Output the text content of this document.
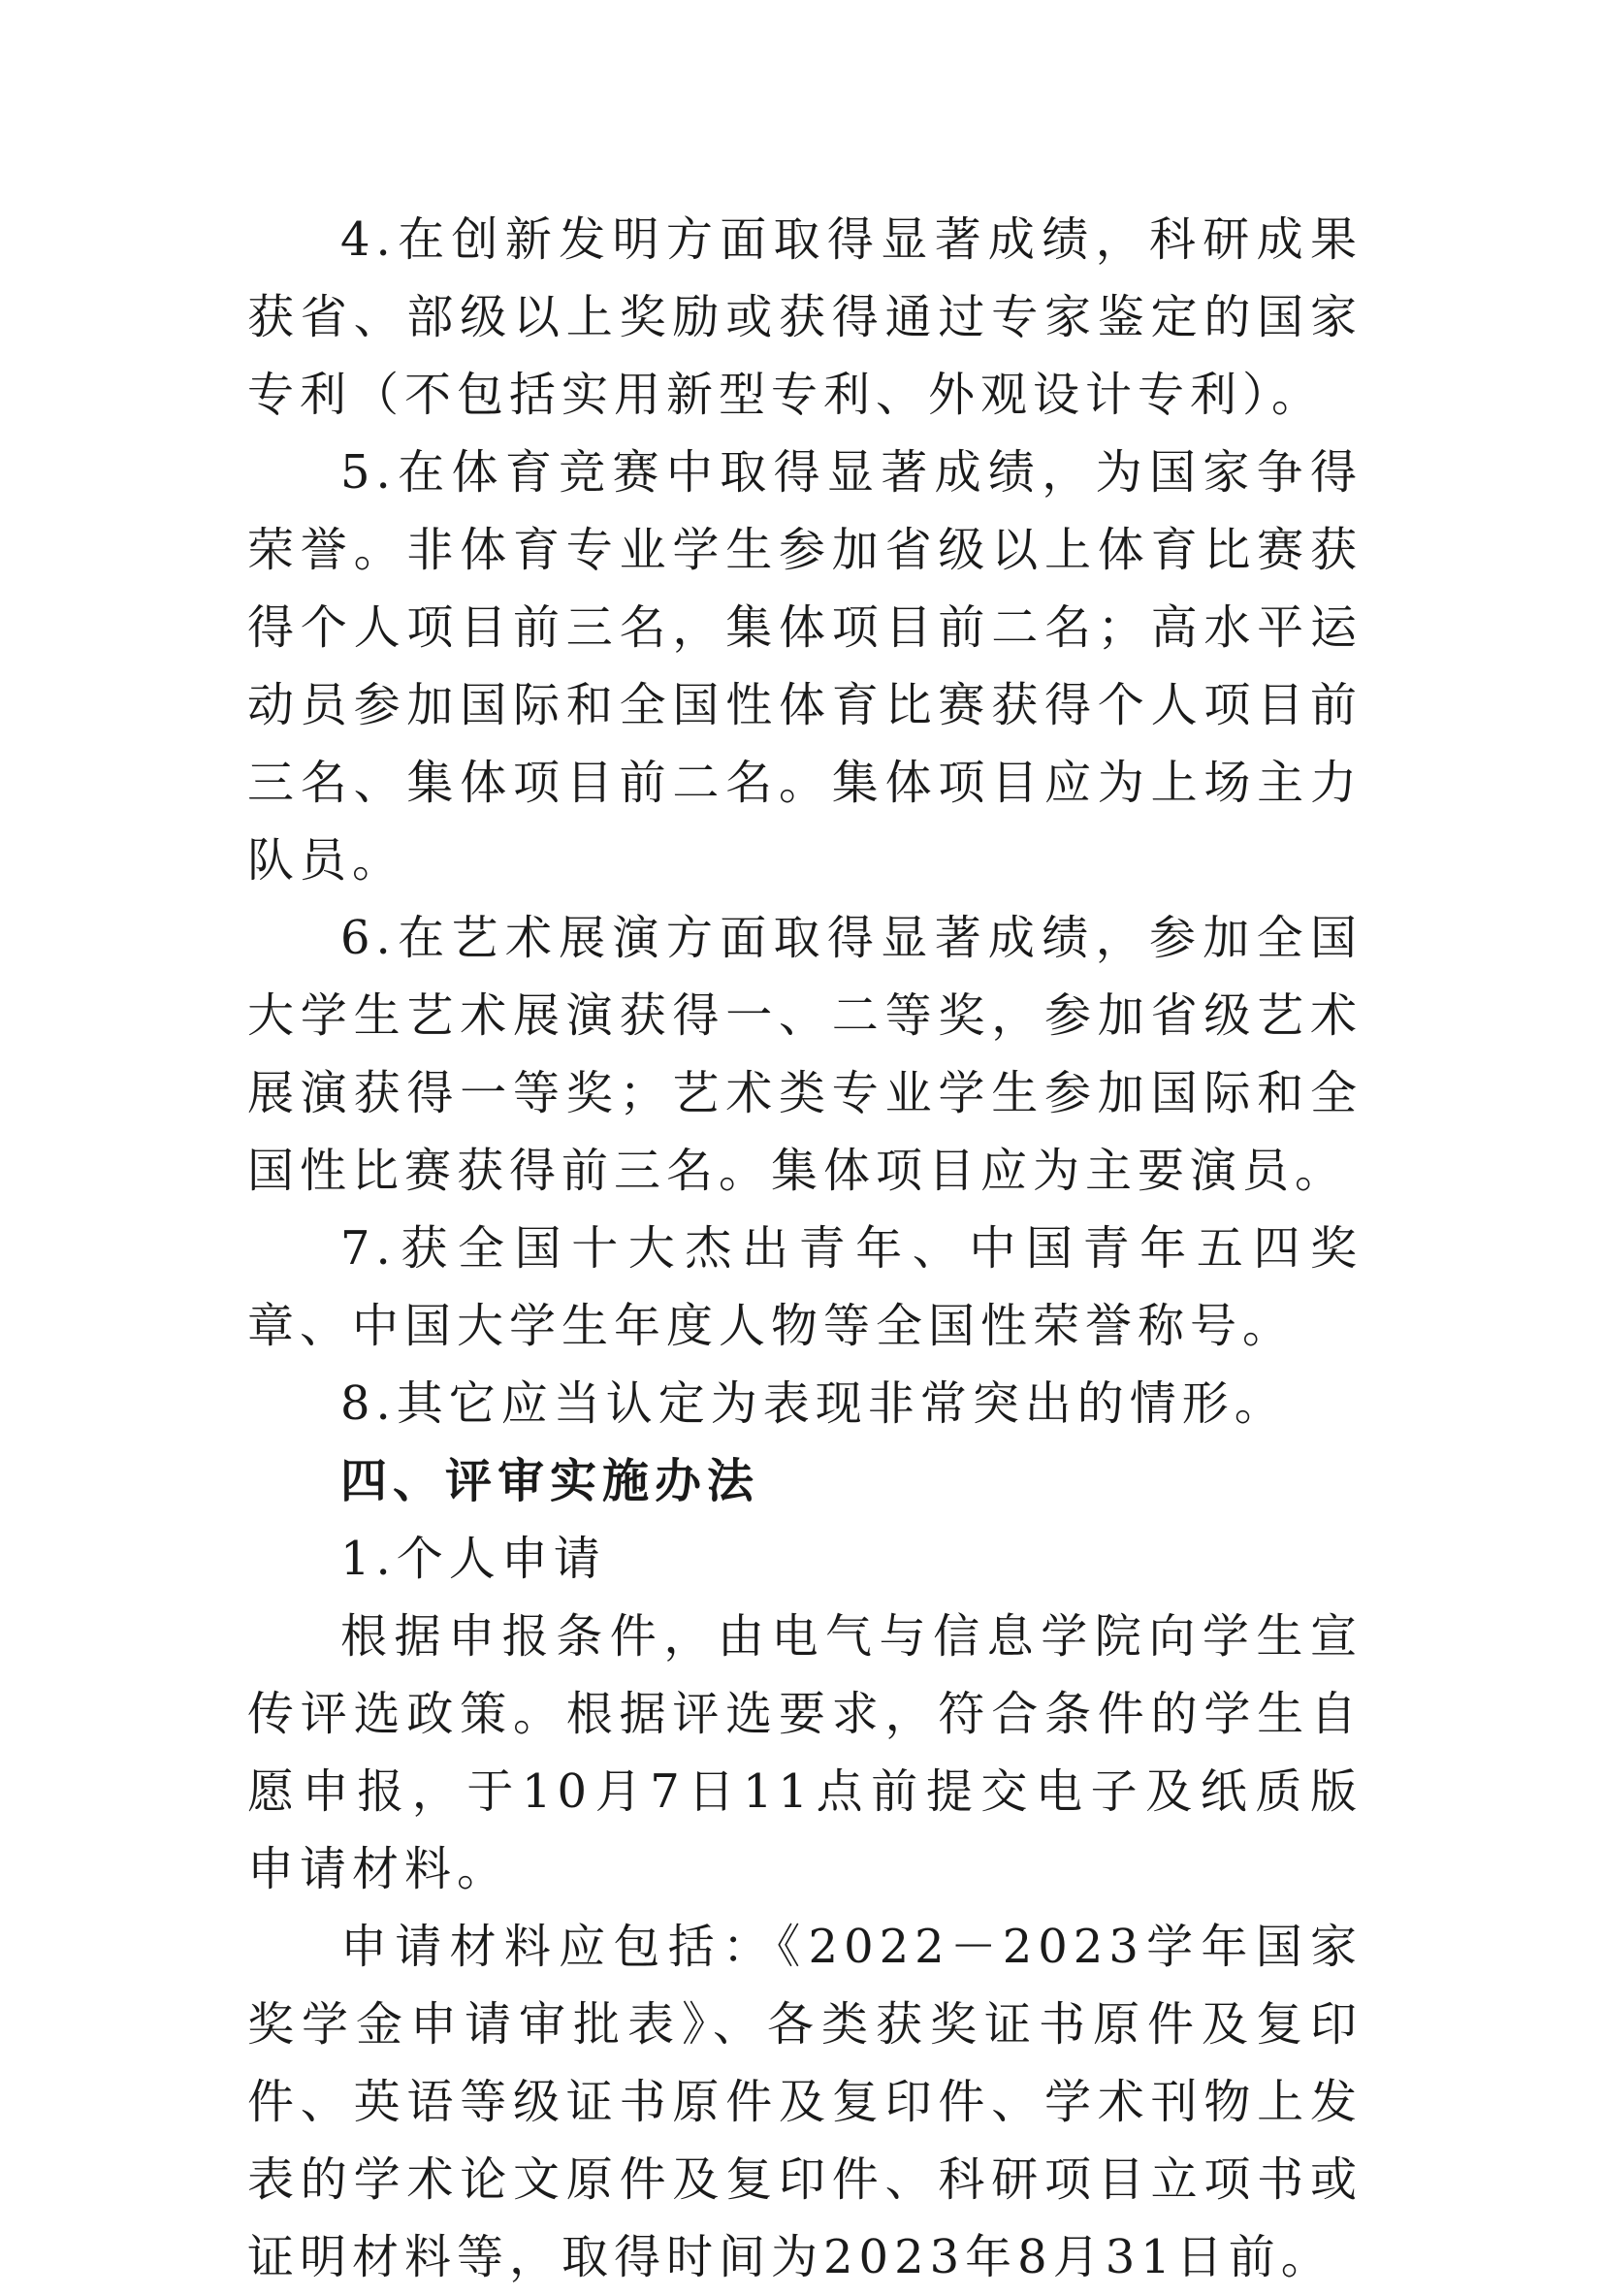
4.在创新发明方面取得显著成绩，科研成果获省、部级以上奖励或获得通过专家鉴定的国家专利（不包括实用新型专利、外观设计专利）。

5.在体育竞赛中取得显著成绩，为国家争得荣誉。非体育专业学生参加省级以上体育比赛获得个人项目前三名，集体项目前二名；高水平运动员参加国际和全国性体育比赛获得个人项目前三名、集体项目前二名。集体项目应为上场主力队员。

6.在艺术展演方面取得显著成绩，参加全国大学生艺术展演获得一、二等奖，参加省级艺术展演获得一等奖；艺术类专业学生参加国际和全国性比赛获得前三名。集体项目应为主要演员。

7.获全国十大杰出青年、中国青年五四奖章、中国大学生年度人物等全国性荣誉称号。

8.其它应当认定为表现非常突出的情形。

四、评审实施办法

1.个人申请

根据申报条件，由电气与信息学院向学生宣传评选政策。根据评选要求，符合条件的学生自愿申报，于10月7日11点前提交电子及纸质版申请材料。

申请材料应包括：《2022－2023学年国家奖学金申请审批表》、各类获奖证书原件及复印件、英语等级证书原件及复印件、学术刊物上发表的学术论文原件及复印件、科研项目立项书或证明材料等，取得时间为2023年8月31日前。
